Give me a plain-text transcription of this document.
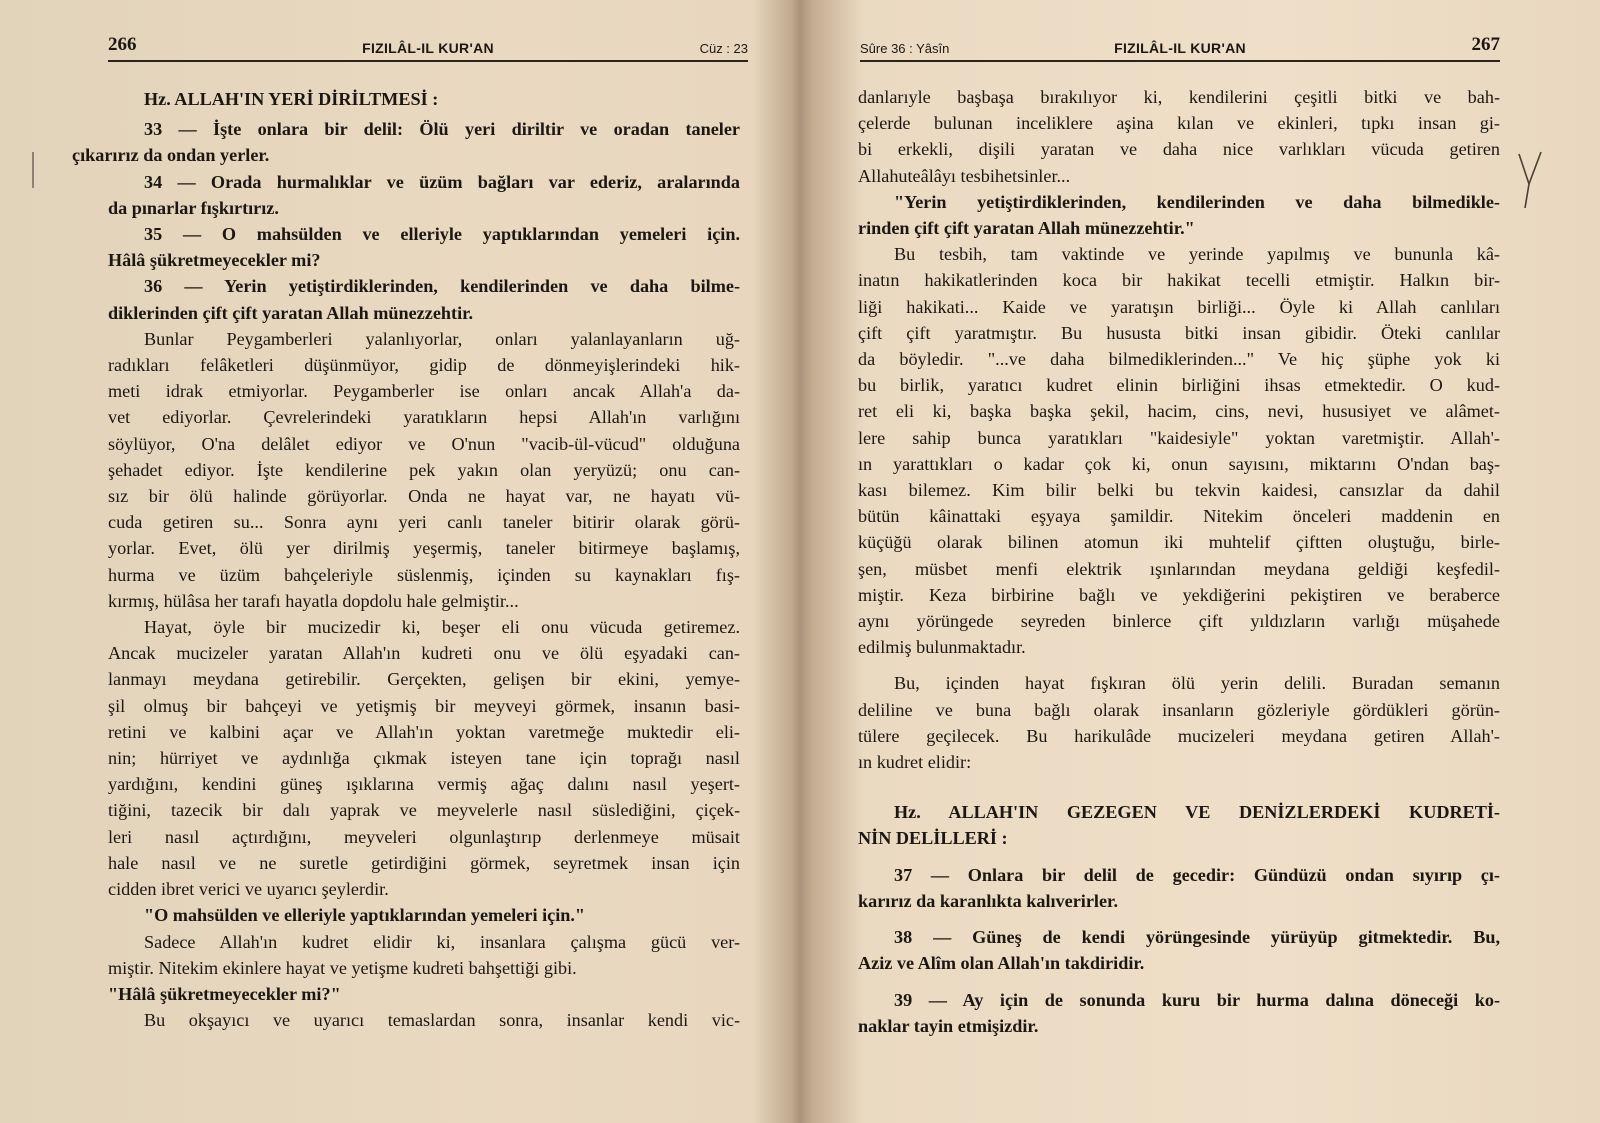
266	FIZILÂL-IL KUR'AN	Cüz : 23

Hz. ALLAH'IN YERİ DİRİLTMESİ :

33 — İşte onlara bir delil: Ölü yeri diriltir ve oradan taneler
çıkarırız da ondan yerler.

34 — Orada hurmalıklar ve üzüm bağları var ederiz, aralarında
da pınarlar fışkırtırız.

35 — O mahsülden ve elleriyle yaptıklarından yemeleri için.
Hâlâ şükretmeyecekler mi?

36 — Yerin yetiştirdiklerinden, kendilerinden ve daha bilme-
diklerinden çift çift yaratan Allah münezzehtir.

Bunlar Peygamberleri yalanlıyorlar, onları yalanlayanların uğ-
radıkları felâketleri düşünmüyor, gidip de dönmeyişlerindeki hik-
meti idrak etmiyorlar. Peygamberler ise onları ancak Allah'a da-
vet ediyorlar. Çevrelerindeki yaratıkların hepsi Allah'ın varlığını
söylüyor, O'na delâlet ediyor ve O'nun "vacib-ül-vücud" olduğuna
şehadet ediyor. İşte kendilerine pek yakın olan yeryüzü; onu can-
sız bir ölü halinde görüyorlar. Onda ne hayat var, ne hayatı vü-
cuda getiren su... Sonra aynı yeri canlı taneler bitirir olarak görü-
yorlar. Evet, ölü yer dirilmiş yeşermiş, taneler bitirmeye başlamış,
hurma ve üzüm bahçeleriyle süslenmiş, içinden su kaynakları fış-
kırmış, hülâsa her tarafı hayatla dopdolu hale gelmiştir...

Hayat, öyle bir mucizedir ki, beşer eli onu vücuda getiremez.
Ancak mucizeler yaratan Allah'ın kudreti onu ve ölü eşyadaki can-
lanmayı meydana getirebilir. Gerçekten, gelişen bir ekini, yemye-
şil olmuş bir bahçeyi ve yetişmiş bir meyveyi görmek, insanın basi-
retini ve kalbini açar ve Allah'ın yoktan varetmeğe muktedir eli-
nin; hürriyet ve aydınlığa çıkmak isteyen tane için toprağı nasıl
yardığını, kendini güneş ışıklarına vermiş ağaç dalını nasıl yeşert-
tiğini, tazecik bir dalı yaprak ve meyvelerle nasıl süslediğini, çiçek-
leri nasıl açtırdığını, meyveleri olgunlaştırıp derlenmeye müsait
hale nasıl ve ne suretle getirdiğini görmek, seyretmek insan için
cidden ibret verici ve uyarıcı şeylerdir.

"O mahsülden ve elleriyle yaptıklarından yemeleri için."

Sadece Allah'ın kudret elidir ki, insanlara çalışma gücü ver-
miştir. Nitekim ekinlere hayat ve yetişme kudreti bahşettiği gibi.

"Hâlâ şükretmeyecekler mi?"

Bu okşayıcı ve uyarıcı temaslardan sonra, insanlar kendi vic-

Sûre 36 : Yâsîn	FIZILÂL-IL KUR'AN	267

danlarıyle başbaşa bırakılıyor ki, kendilerini çeşitli bitki ve bah-
çelerde bulunan inceliklere aşina kılan ve ekinleri, tıpkı insan gi-
bi erkekli, dişili yaratan ve daha nice varlıkları vücuda getiren
Allahuteâlâyı tesbihetsinler...

"Yerin yetiştirdiklerinden, kendilerinden ve daha bilmedikle-
rinden çift çift yaratan Allah münezzehtir."

Bu tesbih, tam vaktinde ve yerinde yapılmış ve bununla kâ-
inatın hakikatlerinden koca bir hakikat tecelli etmiştir. Halkın bir-
liği hakikati... Kaide ve yaratışın birliği... Öyle ki Allah canlıları
çift çift yaratmıştır. Bu hususta bitki insan gibidir. Öteki canlılar
da böyledir. "...ve daha bilmediklerinden..." Ve hiç şüphe yok ki
bu birlik, yaratıcı kudret elinin birliğini ihsas etmektedir. O kud-
ret eli ki, başka başka şekil, hacim, cins, nevi, hususiyet ve alâmet-
lere sahip bunca yaratıkları "kaidesiyle" yoktan varetmiştir. Allah'-
ın yarattıkları o kadar çok ki, onun sayısını, miktarını O'ndan baş-
kası bilemez. Kim bilir belki bu tekvin kaidesi, cansızlar da dahil
bütün kâinattaki eşyaya şamildir. Nitekim önceleri maddenin en
küçüğü olarak bilinen atomun iki muhtelif çiftten oluştuğu, birle-
şen, müsbet menfi elektrik ışınlarından meydana geldiği keşfedil-
miştir. Keza birbirine bağlı ve yekdiğerini pekiştiren ve beraberce
aynı yörüngede seyreden binlerce çift yıldızların varlığı müşahede
edilmiş bulunmaktadır.

Bu, içinden hayat fışkıran ölü yerin delili. Buradan semanın
deliline ve buna bağlı olarak insanların gözleriyle gördükleri görün-
tülere geçilecek. Bu harikulâde mucizeleri meydana getiren Allah'-
ın kudret elidir:

Hz. ALLAH'IN GEZEGEN VE DENİZLERDEKİ KUDRETİ-
NİN DELİLLERİ :

37 — Onlara bir delil de gecedir: Gündüzü ondan sıyırıp çı-
karırız da karanlıkta kalıverirler.

38 — Güneş de kendi yörüngesinde yürüyüp gitmektedir. Bu,
Aziz ve Alîm olan Allah'ın takdiridir.

39 — Ay için de sonunda kuru bir hurma dalına döneceği ko-
naklar tayin etmişizdir.
